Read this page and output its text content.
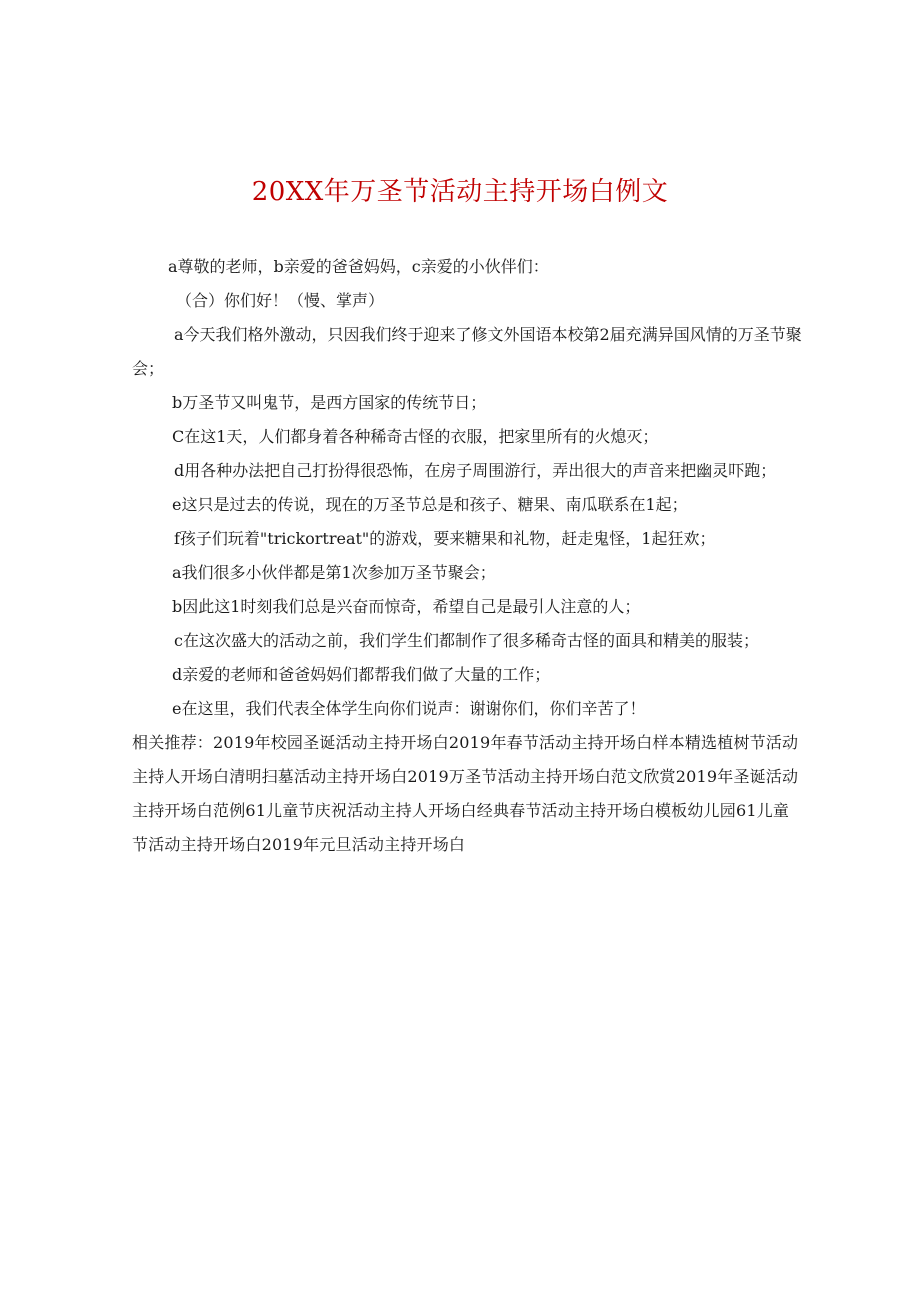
20XX年万圣节活动主持开场白例文

a尊敬的老师，b亲爱的爸爸妈妈，c亲爱的小伙伴们：

（合）你们好！（慢、掌声）

a今天我们格外激动，只因我们终于迎来了修文外国语本校第2届充满异国风情的万圣节聚会；

b万圣节又叫鬼节，是西方国家的传统节日；

C在这1天，人们都身着各种稀奇古怪的衣服，把家里所有的火熄灭；

d用各种办法把自己打扮得很恐怖，在房子周围游行，弄出很大的声音来把幽灵吓跑；

e这只是过去的传说，现在的万圣节总是和孩子、糖果、南瓜联系在1起；

f孩子们玩着"trickortreat"的游戏，要来糖果和礼物，赶走鬼怪，1起狂欢；

a我们很多小伙伴都是第1次参加万圣节聚会；

b因此这1时刻我们总是兴奋而惊奇，希望自己是最引人注意的人；

c在这次盛大的活动之前，我们学生们都制作了很多稀奇古怪的面具和精美的服装；

d亲爱的老师和爸爸妈妈们都帮我们做了大量的工作；

e在这里，我们代表全体学生向你们说声：谢谢你们，你们辛苦了！

相关推荐：2019年校园圣诞活动主持开场白2019年春节活动主持开场白样本精选植树节活动主持人开场白清明扫墓活动主持开场白2019万圣节活动主持开场白范文欣赏2019年圣诞活动主持开场白范例61儿童节庆祝活动主持人开场白经典春节活动主持开场白模板幼儿园61儿童节活动主持开场白2019年元旦活动主持开场白
